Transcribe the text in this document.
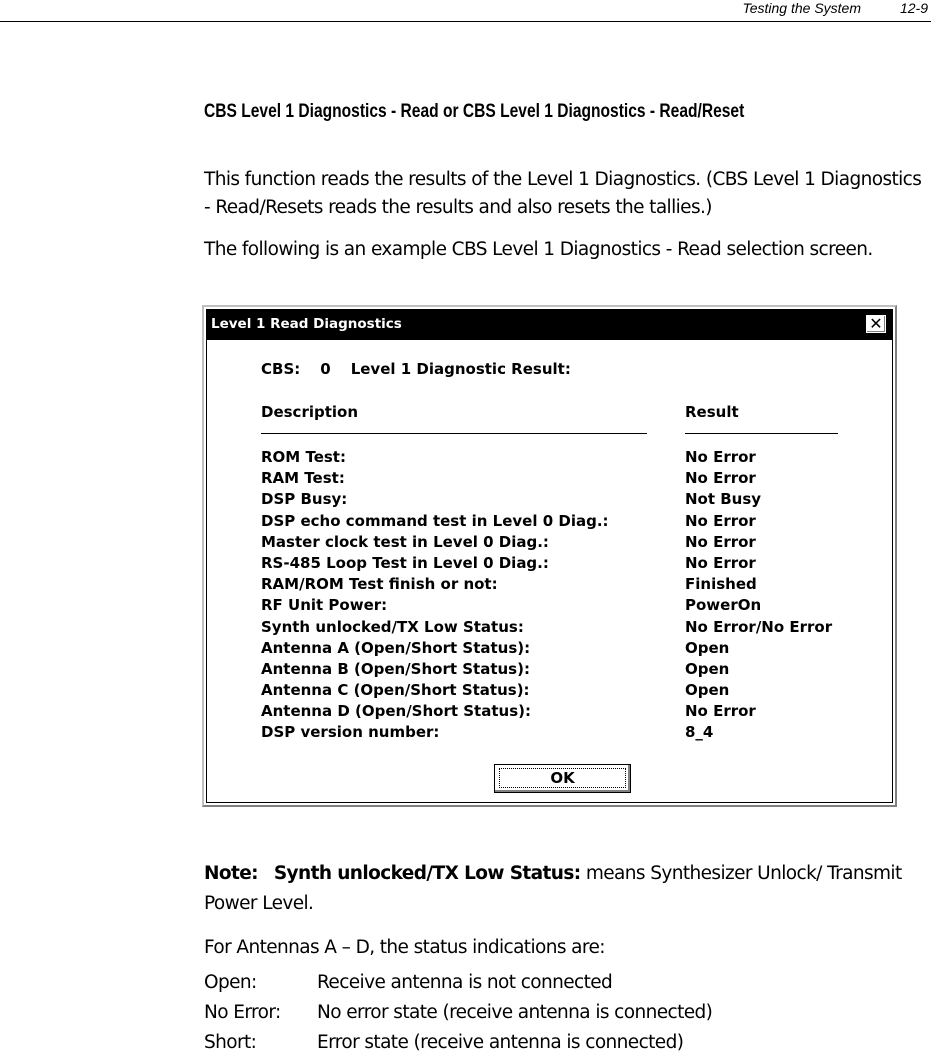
Testing the System	12-9
CBS Level 1 Diagnostics - Read or CBS Level 1 Diagnostics - Read/Reset
This function reads the results of the Level 1 Diagnostics. (CBS Level 1 Diagnostics - Read/Resets reads the results and also resets the tallies.)
The following is an example CBS Level 1 Diagnostics - Read selection screen.
Level 1 Read Diagnostics	✕
CBS: 0 Level 1 Diagnostic Result:
Description	Result
ROM Test:	No Error
RAM Test:	No Error
DSP Busy:	Not Busy
DSP echo command test in Level 0 Diag.:	No Error
Master clock test in Level 0 Diag.:	No Error
RS-485 Loop Test in Level 0 Diag.:	No Error
RAM/ROM Test finish or not:	Finished
RF Unit Power:	PowerOn
Synth unlocked/TX Low Status:	No Error/No Error
Antenna A (Open/Short Status):	Open
Antenna B (Open/Short Status):	Open
Antenna C (Open/Short Status):	Open
Antenna D (Open/Short Status):	No Error
DSP version number:	8_4
OK
Note: Synth unlocked/TX Low Status: means Synthesizer Unlock/ Transmit Power Level.
For Antennas A – D, the status indications are:
Open:	Receive antenna is not connected
No Error: No error state (receive antenna is connected)
Short:	Error state (receive antenna is connected)
